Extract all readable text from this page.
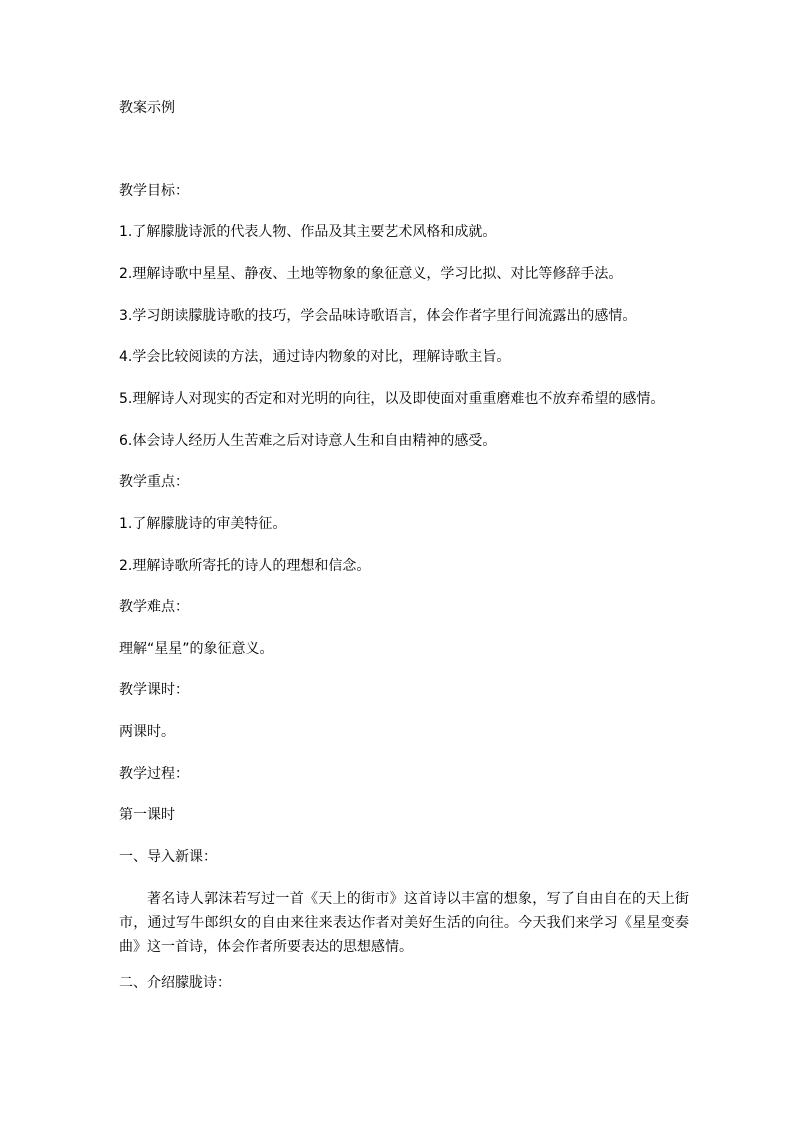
教案示例

教学目标：

1.了解朦胧诗派的代表人物、作品及其主要艺术风格和成就。

2.理解诗歌中星星、静夜、土地等物象的象征意义，学习比拟、对比等修辞手法。

3.学习朗读朦胧诗歌的技巧，学会品味诗歌语言，体会作者字里行间流露出的感情。

4.学会比较阅读的方法，通过诗内物象的对比，理解诗歌主旨。

5.理解诗人对现实的否定和对光明的向往，以及即使面对重重磨难也不放弃希望的感情。

6.体会诗人经历人生苦难之后对诗意人生和自由精神的感受。

教学重点：

1.了解朦胧诗的审美特征。

2.理解诗歌所寄托的诗人的理想和信念。

教学难点：

理解“星星”的象征意义。

教学课时：

两课时。

教学过程：

第一课时

一、导入新课：

著名诗人郭沫若写过一首《天上的街市》这首诗以丰富的想象，写了自由自在的天上街市，通过写牛郎织女的自由来往来表达作者对美好生活的向往。今天我们来学习《星星变奏曲》这一首诗，体会作者所要表达的思想感情。

二、介绍朦胧诗：
